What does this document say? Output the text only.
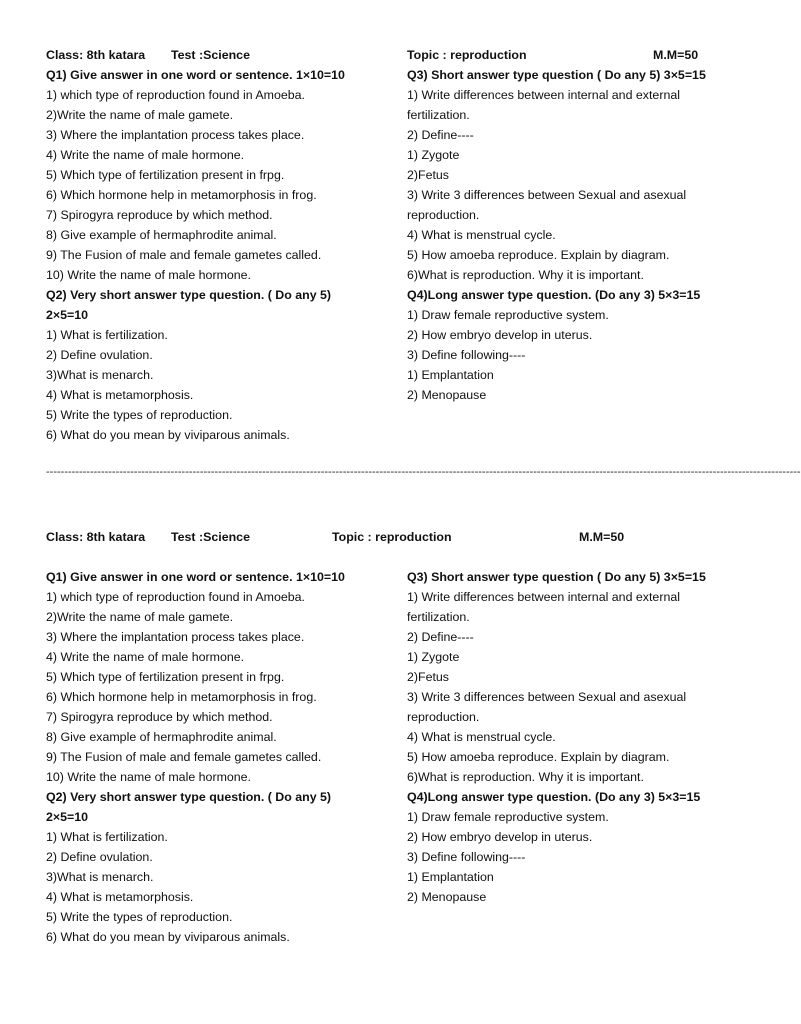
Class: 8th katara Test :Science	Topic : reproduction	M.M=50
Q1) Give answer in one word or sentence. 1×10=10
1) which type of reproduction found in Amoeba.
2)Write the name of male gamete.
3) Where the implantation process takes place.
4) Write the name of male hormone.
5) Which type of fertilization present in frpg.
6) Which hormone help in metamorphosis in frog.
7) Spirogyra reproduce by which method.
8) Give example of hermaphrodite animal.
9) The Fusion of male and female gametes called.
10) Write the name of male hormone.
Q2) Very short answer type question. ( Do any 5)
2×5=10
1) What is fertilization.
2) Define ovulation.
3)What is menarch.
4) What is metamorphosis.
5) Write the types of reproduction.
6) What do you mean by viviparous animals.
Q3) Short answer type question ( Do any 5) 3×5=15
1) Write differences between internal and external
fertilization.
2) Define----
1) Zygote
2)Fetus
3) Write 3 differences between Sexual and asexual
reproduction.
4) What is menstrual cycle.
5) How amoeba reproduce. Explain by diagram.
6)What is reproduction. Why it is important.
Q4)Long answer type question. (Do any 3) 5×3=15
1) Draw female reproductive system.
2) How embryo develop in uterus.
3) Define following----
1) Emplantation
2) Menopause
--------------------------------------------------------------------------------------------------------------------------------------------------------------------------------------------------------------
Class: 8th katara Test :Science	Topic : reproduction	M.M=50
Q1) Give answer in one word or sentence. 1×10=10
1) which type of reproduction found in Amoeba.
2)Write the name of male gamete.
3) Where the implantation process takes place.
4) Write the name of male hormone.
5) Which type of fertilization present in frpg.
6) Which hormone help in metamorphosis in frog.
7) Spirogyra reproduce by which method.
8) Give example of hermaphrodite animal.
9) The Fusion of male and female gametes called.
10) Write the name of male hormone.
Q2) Very short answer type question. ( Do any 5)
2×5=10
1) What is fertilization.
2) Define ovulation.
3)What is menarch.
4) What is metamorphosis.
5) Write the types of reproduction.
6) What do you mean by viviparous animals.
Q3) Short answer type question ( Do any 5) 3×5=15
1) Write differences between internal and external
fertilization.
2) Define----
1) Zygote
2)Fetus
3) Write 3 differences between Sexual and asexual
reproduction.
4) What is menstrual cycle.
5) How amoeba reproduce. Explain by diagram.
6)What is reproduction. Why it is important.
Q4)Long answer type question. (Do any 3) 5×3=15
1) Draw female reproductive system.
2) How embryo develop in uterus.
3) Define following----
1) Emplantation
2) Menopause
